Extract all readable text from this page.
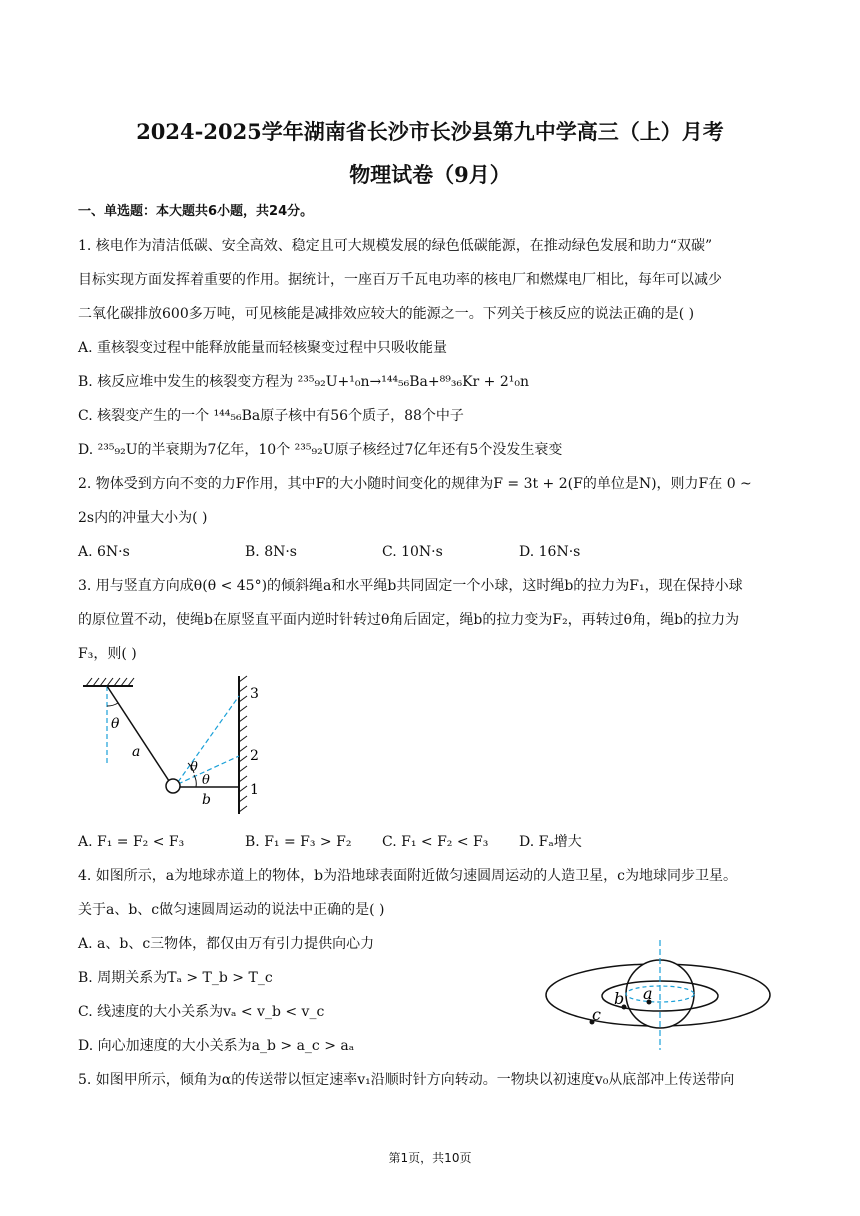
2024-2025学年湖南省长沙市长沙县第九中学高三（上）月考
物理试卷（9月）
一、单选题：本大题共6小题，共24分。
1. 核电作为清洁低碳、安全高效、稳定且可大规模发展的绿色低碳能源，在推动绿色发展和助力“双碳”
目标实现方面发挥着重要的作用。据统计，一座百万千瓦电功率的核电厂和燃煤电厂相比，每年可以减少
二氧化碳排放600多万吨，可见核能是减排效应较大的能源之一。下列关于核反应的说法正确的是( )
A. 重核裂变过程中能释放能量而轻核聚变过程中只吸收能量
B. 核反应堆中发生的核裂变方程为 ²³⁵₉₂U+¹₀n→¹⁴⁴₅₆Ba+⁸⁹₃₆Kr + 2¹₀n
C. 核裂变产生的一个 ¹⁴⁴₅₆Ba原子核中有56个质子，88个中子
D. ²³⁵₉₂U的半衰期为7亿年，10个 ²³⁵₉₂U原子核经过7亿年还有5个没发生衰变
2. 物体受到方向不变的力F作用，其中F的大小随时间变化的规律为F = 3t + 2(F的单位是N)，则力F在 0 ~
2s内的冲量大小为( )
A. 6N·s	B. 8N·s	C. 10N·s	D. 16N·s
3. 用与竖直方向成θ(θ < 45°)的倾斜绳a和水平绳b共同固定一个小球，这时绳b的拉力为F₁，现在保持小球
的原位置不动，使绳b在原竖直平面内逆时针转过θ角后固定，绳b的拉力变为F₂，再转过θ角，绳b的拉力为
F₃，则( )
θ
a
θ
θ
b
3
2
1
A. F₁ = F₂ < F₃	B. F₁ = F₃ > F₂ C. F₁ < F₂ < F₃ D. Fₐ增大
4. 如图所示，a为地球赤道上的物体，b为沿地球表面附近做匀速圆周运动的人造卫星，c为地球同步卫星。
关于a、b、c做匀速圆周运动的说法中正确的是( )
A. a、b、c三物体，都仅由万有引力提供向心力
B. 周期关系为Tₐ > T_b > T_c
C. 线速度的大小关系为vₐ < v_b < v_c
D. 向心加速度的大小关系为a_b > a_c > aₐ
a
b
c
5. 如图甲所示，倾角为α的传送带以恒定速率v₁沿顺时针方向转动。一物块以初速度v₀从底部冲上传送带向
第1页，共10页
